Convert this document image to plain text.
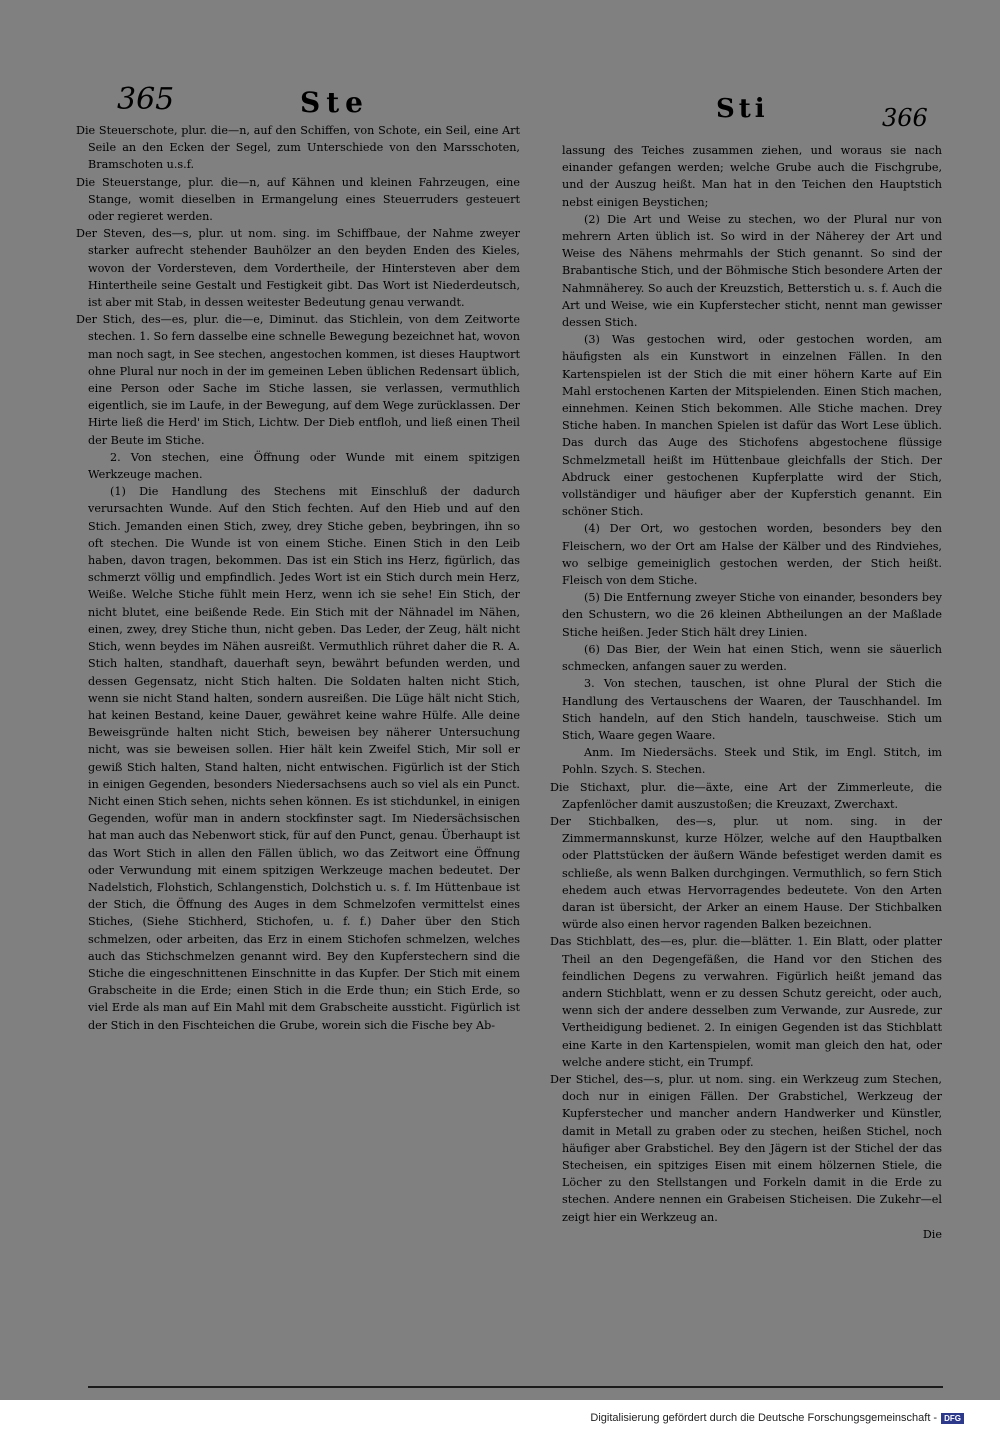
365	Ste	Sti	366

Die Steuerschote, plur. die—n, auf den Schiffen, von Schote, ein Seil, eine Art Seile an den Ecken der Segel, zum Unterschiede von den Marsschoten, Bramschoten u.s.f.

Die Steuerstange, plur. die—n, auf Kähnen und kleinen Fahrzeugen, eine Stange, womit dieselben in Ermangelung eines Steuerruders gesteuert oder regieret werden.

Der Steven, des—s, plur. ut nom. sing. im Schiffbaue, der Nahme zweyer starker aufrecht stehender Bauhölzer an den beyden Enden des Kieles, wovon der Vordersteven, dem Vordertheile, der Hintersteven aber dem Hintertheile seine Gestalt und Festigkeit gibt. Das Wort ist Niederdeutsch, ist aber mit Stab, in dessen weitester Bedeutung genau verwandt.

Der Stich, des—es, plur. die—e, Diminut. das Stichlein, von dem Zeitworte stechen. 1. So fern dasselbe eine schnelle Bewegung bezeichnet hat, wovon man noch sagt, in See stechen, angestochen kommen, ist dieses Hauptwort ohne Plural nur noch in der im gemeinen Leben üblichen Redensart üblich, eine Person oder Sache im Stiche lassen, sie verlassen, vermuthlich eigentlich, sie im Laufe, in der Bewegung, auf dem Wege zurücklassen. Der Hirte ließ die Herd' im Stich, Lichtw. Der Dieb entfloh, und ließ einen Theil der Beute im Stiche.

2. Von stechen, eine Öffnung oder Wunde mit einem spitzigen Werkzeuge machen.

(1) Die Handlung des Stechens mit Einschluß der dadurch verursachten Wunde. Auf den Stich fechten. Auf den Hieb und auf den Stich. Jemanden einen Stich, zwey, drey Stiche geben, beybringen, ihn so oft stechen. Die Wunde ist von einem Stiche. Einen Stich in den Leib haben, davon tragen, bekommen. Das ist ein Stich ins Herz, figürlich, das schmerzt völlig und empfindlich. Jedes Wort ist ein Stich durch mein Herz, Weiße. Welche Stiche fühlt mein Herz, wenn ich sie sehe! Ein Stich, der nicht blutet, eine beißende Rede. Ein Stich mit der Nähnadel im Nähen, einen, zwey, drey Stiche thun, nicht geben. Das Leder, der Zeug, hält nicht Stich, wenn beydes im Nähen ausreißt. Vermuthlich rühret daher die R. A. Stich halten, standhaft, dauerhaft seyn, bewährt befunden werden, und dessen Gegensatz, nicht Stich halten. Die Soldaten halten nicht Stich, wenn sie nicht Stand halten, sondern ausreißen. Die Lüge hält nicht Stich, hat keinen Bestand, keine Dauer, gewähret keine wahre Hülfe. Alle deine Beweisgründe halten nicht Stich, beweisen bey näherer Untersuchung nicht, was sie beweisen sollen. Hier hält kein Zweifel Stich, Mir soll er gewiß Stich halten, Stand halten, nicht entwischen. Figürlich ist der Stich in einigen Gegenden, besonders Niedersachsens auch so viel als ein Punct. Nicht einen Stich sehen, nichts sehen können. Es ist stichdunkel, in einigen Gegenden, wofür man in andern stockfinster sagt. Im Niedersächsischen hat man auch das Nebenwort stick, für auf den Punct, genau. Überhaupt ist das Wort Stich in allen den Fällen üblich, wo das Zeitwort eine Öffnung oder Verwundung mit einem spitzigen Werkzeuge machen bedeutet. Der Nadelstich, Flohstich, Schlangenstich, Dolchstich u. s. f. Im Hüttenbaue ist der Stich, die Öffnung des Auges in dem Schmelzofen vermittelst eines Stiches, (Siehe Stichherd, Stichofen, u. f. f.) Daher über den Stich schmelzen, oder arbeiten, das Erz in einem Stichofen schmelzen, welches auch das Stichschmelzen genannt wird. Bey den Kupferstechern sind die Stiche die eingeschnittenen Einschnitte in das Kupfer. Der Stich mit einem Grabscheite in die Erde; einen Stich in die Erde thun; ein Stich Erde, so viel Erde als man auf Ein Mahl mit dem Grabscheite aussticht. Figürlich ist der Stich in den Fischteichen die Grube, worein sich die Fische bey Ab-

lassung des Teiches zusammen ziehen, und woraus sie nach einander gefangen werden; welche Grube auch die Fischgrube, und der Auszug heißt. Man hat in den Teichen den Hauptstich nebst einigen Beystichen;

(2) Die Art und Weise zu stechen, wo der Plural nur von mehrern Arten üblich ist. So wird in der Näherey der Art und Weise des Nähens mehrmahls der Stich genannt. So sind der Brabantische Stich, und der Böhmische Stich besondere Arten der Nahmnäherey. So auch der Kreuzstich, Betterstich u. s. f. Auch die Art und Weise, wie ein Kupferstecher sticht, nennt man gewisser dessen Stich.

(3) Was gestochen wird, oder gestochen worden, am häufigsten als ein Kunstwort in einzelnen Fällen. In den Kartenspielen ist der Stich die mit einer höhern Karte auf Ein Mahl erstochenen Karten der Mitspielenden. Einen Stich machen, einnehmen. Keinen Stich bekommen. Alle Stiche machen. Drey Stiche haben. In manchen Spielen ist dafür das Wort Lese üblich. Das durch das Auge des Stichofens abgestochene flüssige Schmelzmetall heißt im Hüttenbaue gleichfalls der Stich. Der Abdruck einer gestochenen Kupferplatte wird der Stich, vollständiger und häufiger aber der Kupferstich genannt. Ein schöner Stich.

(4) Der Ort, wo gestochen worden, besonders bey den Fleischern, wo der Ort am Halse der Kälber und des Rindviehes, wo selbige gemeiniglich gestochen werden, der Stich heißt. Fleisch von dem Stiche.

(5) Die Entfernung zweyer Stiche von einander, besonders bey den Schustern, wo die 26 kleinen Abtheilungen an der Maßlade Stiche heißen. Jeder Stich hält drey Linien.

(6) Das Bier, der Wein hat einen Stich, wenn sie säuerlich schmecken, anfangen sauer zu werden.

3. Von stechen, tauschen, ist ohne Plural der Stich die Handlung des Vertauschens der Waaren, der Tauschhandel. Im Stich handeln, auf den Stich handeln, tauschweise. Stich um Stich, Waare gegen Waare.

Anm. Im Niedersächs. Steek und Stik, im Engl. Stitch, im Pohln. Szych. S. Stechen.

Die Stichaxt, plur. die—äxte, eine Art der Zimmerleute, die Zapfenlöcher damit auszustoßen; die Kreuzaxt, Zwerchaxt.

Der Stichbalken, des—s, plur. ut nom. sing. in der Zimmermannskunst, kurze Hölzer, welche auf den Hauptbalken oder Plattstücken der äußern Wände befestiget werden damit es schließe, als wenn Balken durchgingen. Vermuthlich, so fern Stich ehedem auch etwas Hervorragendes bedeutete. Von den Arten daran ist übersicht, der Arker an einem Hause. Der Stichbalken würde also einen hervor ragenden Balken bezeichnen.

Das Stichblatt, des—es, plur. die—blätter. 1. Ein Blatt, oder platter Theil an den Degengefäßen, die Hand vor den Stichen des feindlichen Degens zu verwahren. Figürlich heißt jemand das andern Stichblatt, wenn er zu dessen Schutz gereicht, oder auch, wenn sich der andere desselben zum Verwande, zur Ausrede, zur Vertheidigung bedienet. 2. In einigen Gegenden ist das Stichblatt eine Karte in den Kartenspielen, womit man gleich den hat, oder welche andere sticht, ein Trumpf.

Der Stichel, des—s, plur. ut nom. sing. ein Werkzeug zum Stechen, doch nur in einigen Fällen. Der Grabstichel, Werkzeug der Kupferstecher und mancher andern Handwerker und Künstler, damit in Metall zu graben oder zu stechen, heißen Stichel, noch häufiger aber Grabstichel. Bey den Jägern ist der Stichel der das Stecheisen, ein spitziges Eisen mit einem hölzernen Stiele, die Löcher zu den Stellstangen und Forkeln damit in die Erde zu stechen. Andere nennen ein Grabeisen Sticheisen. Die Zukehr—el zeigt hier ein Werkzeug an.

Die

Digitalisierung gefördert durch die Deutsche Forschungsgemeinschaft - DFG
